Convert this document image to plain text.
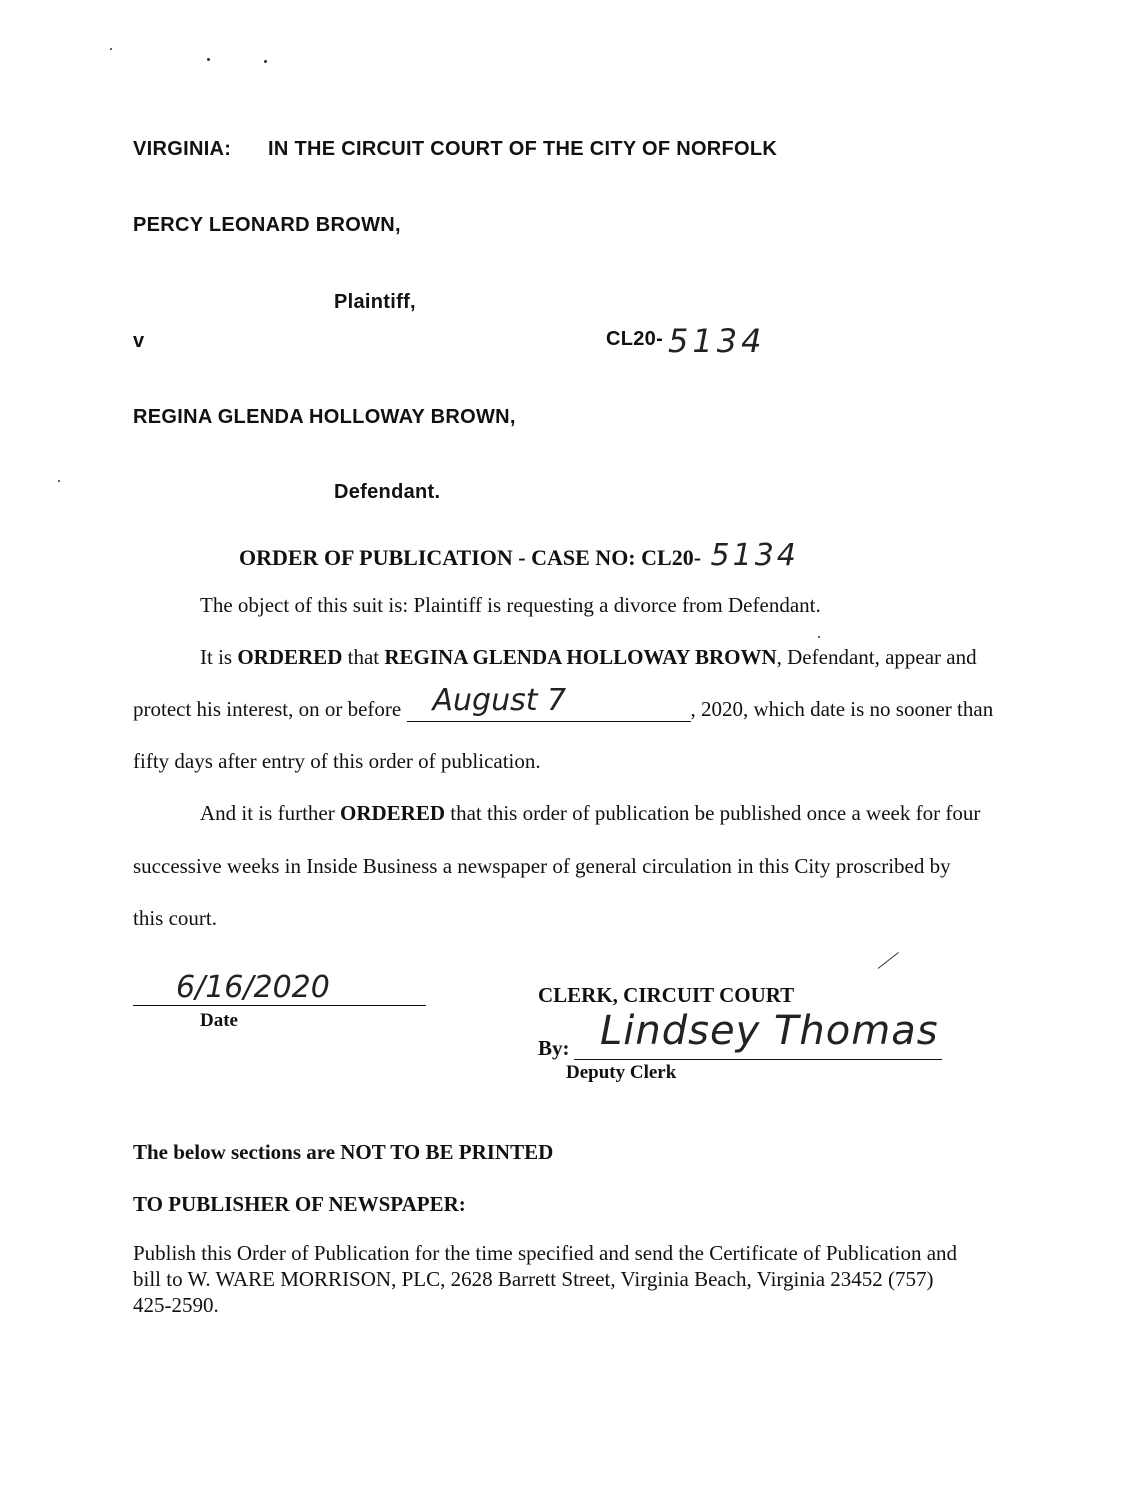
VIRGINIA: IN THE CIRCUIT COURT OF THE CITY OF NORFOLK
PERCY LEONARD BROWN,
Plaintiff,
v	CL20- 5134
REGINA GLENDA HOLLOWAY BROWN,
Defendant.
ORDER OF PUBLICATION - CASE NO: CL20- 5134
The object of this suit is: Plaintiff is requesting a divorce from Defendant.
It is ORDERED that REGINA GLENDA HOLLOWAY BROWN, Defendant, appear and
protect his interest, on or before August 7	, 2020, which date is no sooner than
fifty days after entry of this order of publication.
And it is further ORDERED that this order of publication be published once a week for four
successive weeks in Inside Business a newspaper of general circulation in this City proscribed by
this court.
6/16/2020
Date
CLERK, CIRCUIT COURT
By: Lindsey Thomas
Deputy Clerk
The below sections are NOT TO BE PRINTED
TO PUBLISHER OF NEWSPAPER:
Publish this Order of Publication for the time specified and send the Certificate of Publication and
bill to W. WARE MORRISON, PLC, 2628 Barrett Street, Virginia Beach, Virginia 23452 (757)
425-2590.
